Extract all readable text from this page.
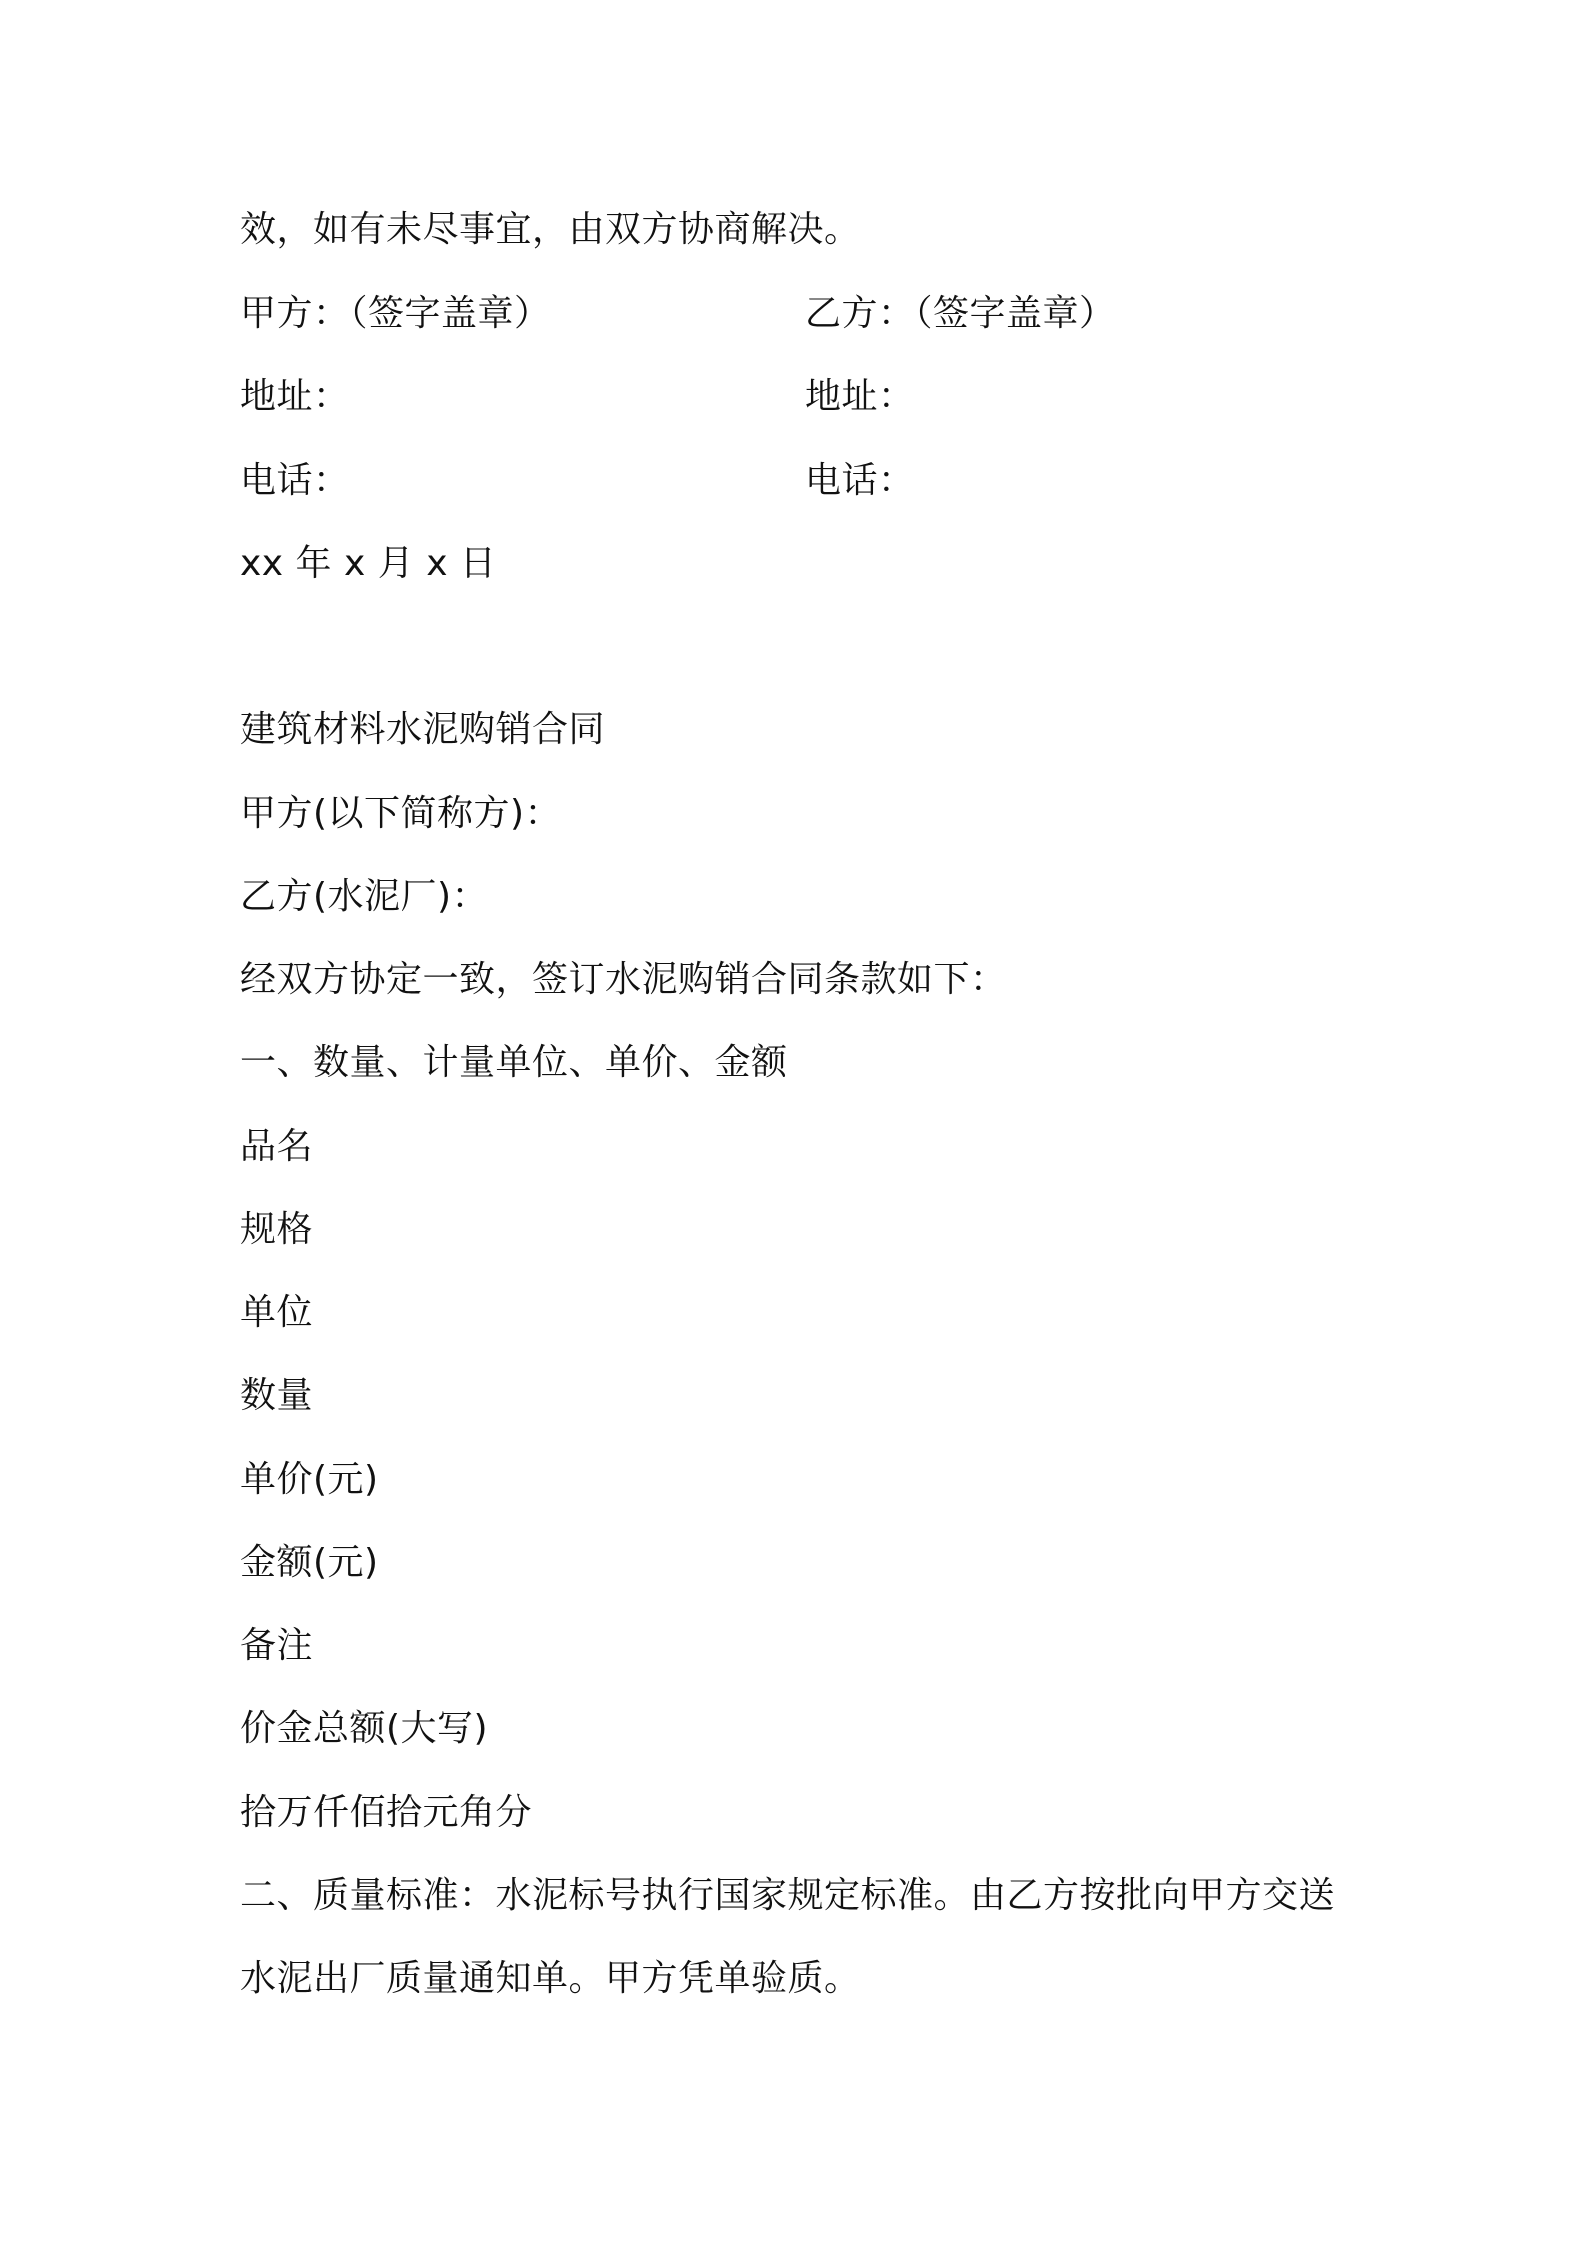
效，如有未尽事宜，由双方协商解决。
甲方：（签字盖章）	乙方：（签字盖章）
地址：	地址：
电话：	电话：
xx 年 x 月 x 日
建筑材料水泥购销合同
甲方(以下简称方)：
乙方(水泥厂)：
经双方协定一致，签订水泥购销合同条款如下：
一、数量、计量单位、单价、金额
品名
规格
单位
数量
单价(元)
金额(元)
备注
价金总额(大写)
拾万仟佰拾元角分
二、质量标准：水泥标号执行国家规定标准。由乙方按批向甲方交送
水泥出厂质量通知单。甲方凭单验质。
